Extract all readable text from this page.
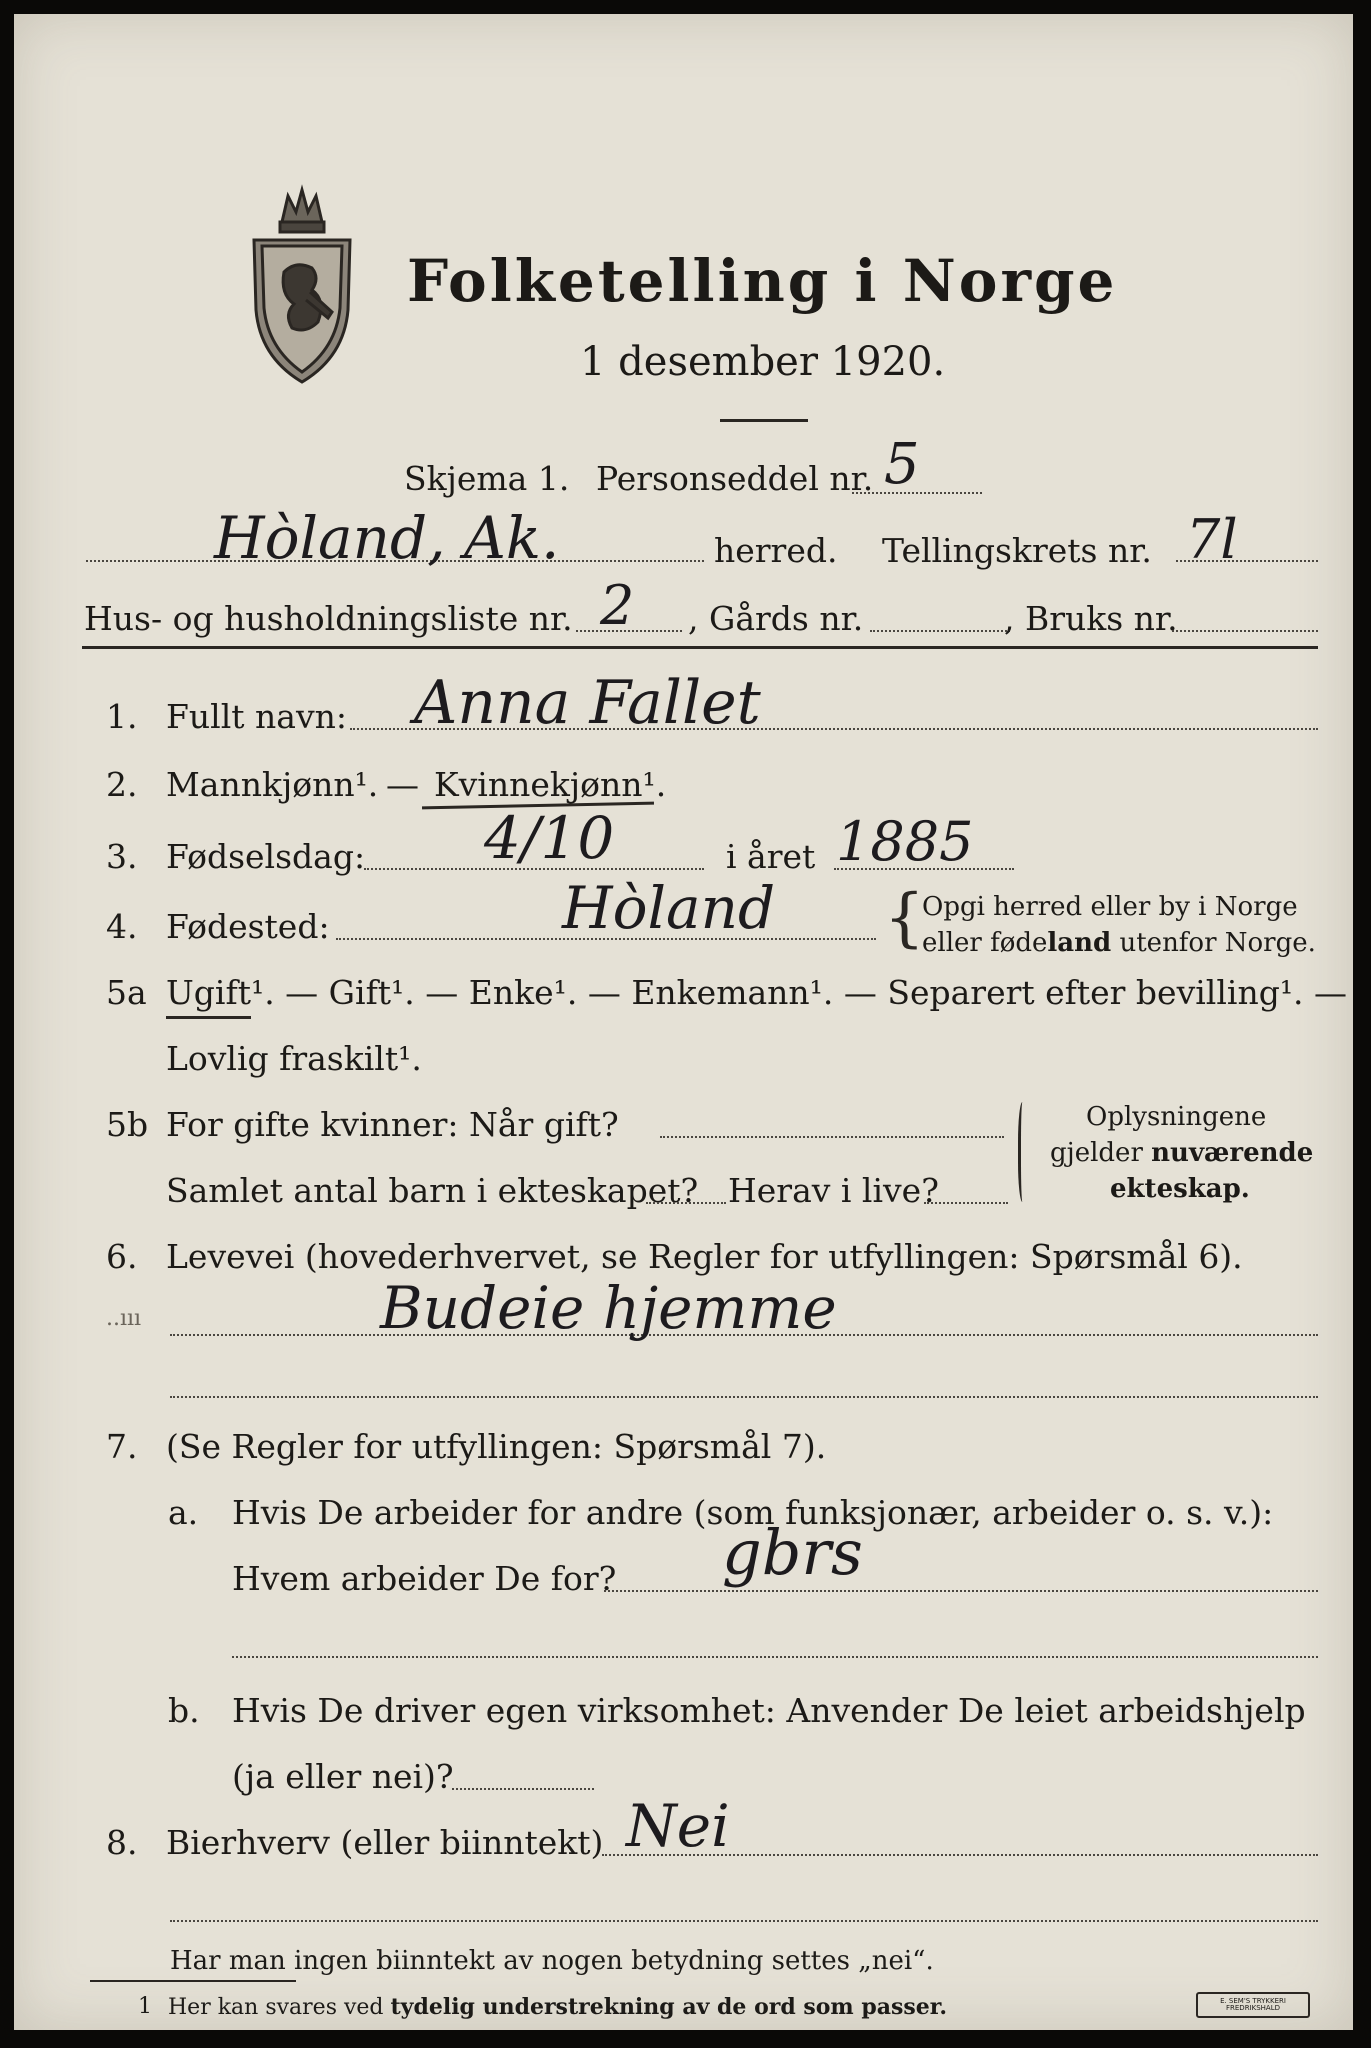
Folketelling i Norge
1 desember 1920.
Skjema 1. Personseddel nr. 5
Hòland, Ak.	herred. Tellingskrets nr. 7l
Hus- og husholdningsliste nr. 2 , Gårds nr.	, Bruks nr.
1. Fullt navn: Anna Fallet
2. Mannkjønn¹. — Kvinnekjønn¹.
3. Fødselsdag: 4/10	i året 1885
4. Fødested:	Hòland {
Opgi herred eller by i Norge
eller fødeland utenfor Norge.
5a Ugift¹. — Gift¹. — Enke¹. — Enkemann¹. — Separert efter bevilling¹. —
Lovlig fraskilt¹.
5b For gifte kvinner: Når gift?
Samlet antal barn i ekteskapet? Herav i live?
Oplysningene
gjelder nuværende
ekteskap.
6. Levevei (hovederhvervet, se Regler for utfyllingen: Spørsmål 6).
..ııı	Budeie hjemme
7. (Se Regler for utfyllingen: Spørsmål 7).
a. Hvis De arbeider for andre (som funksjonær, arbeider o. s. v.):
Hvem arbeider De for? gbrs
b. Hvis De driver egen virksomhet: Anvender De leiet arbeidshjelp
(ja eller nei)?
8. Bierhverv (eller biinntekt) Nei
Har man ingen biinntekt av nogen betydning settes „nei“.
1 Her kan svares ved tydelig understrekning av de ord som passer.	E. SEM'S TRYKKERI FREDRIKSHALD
